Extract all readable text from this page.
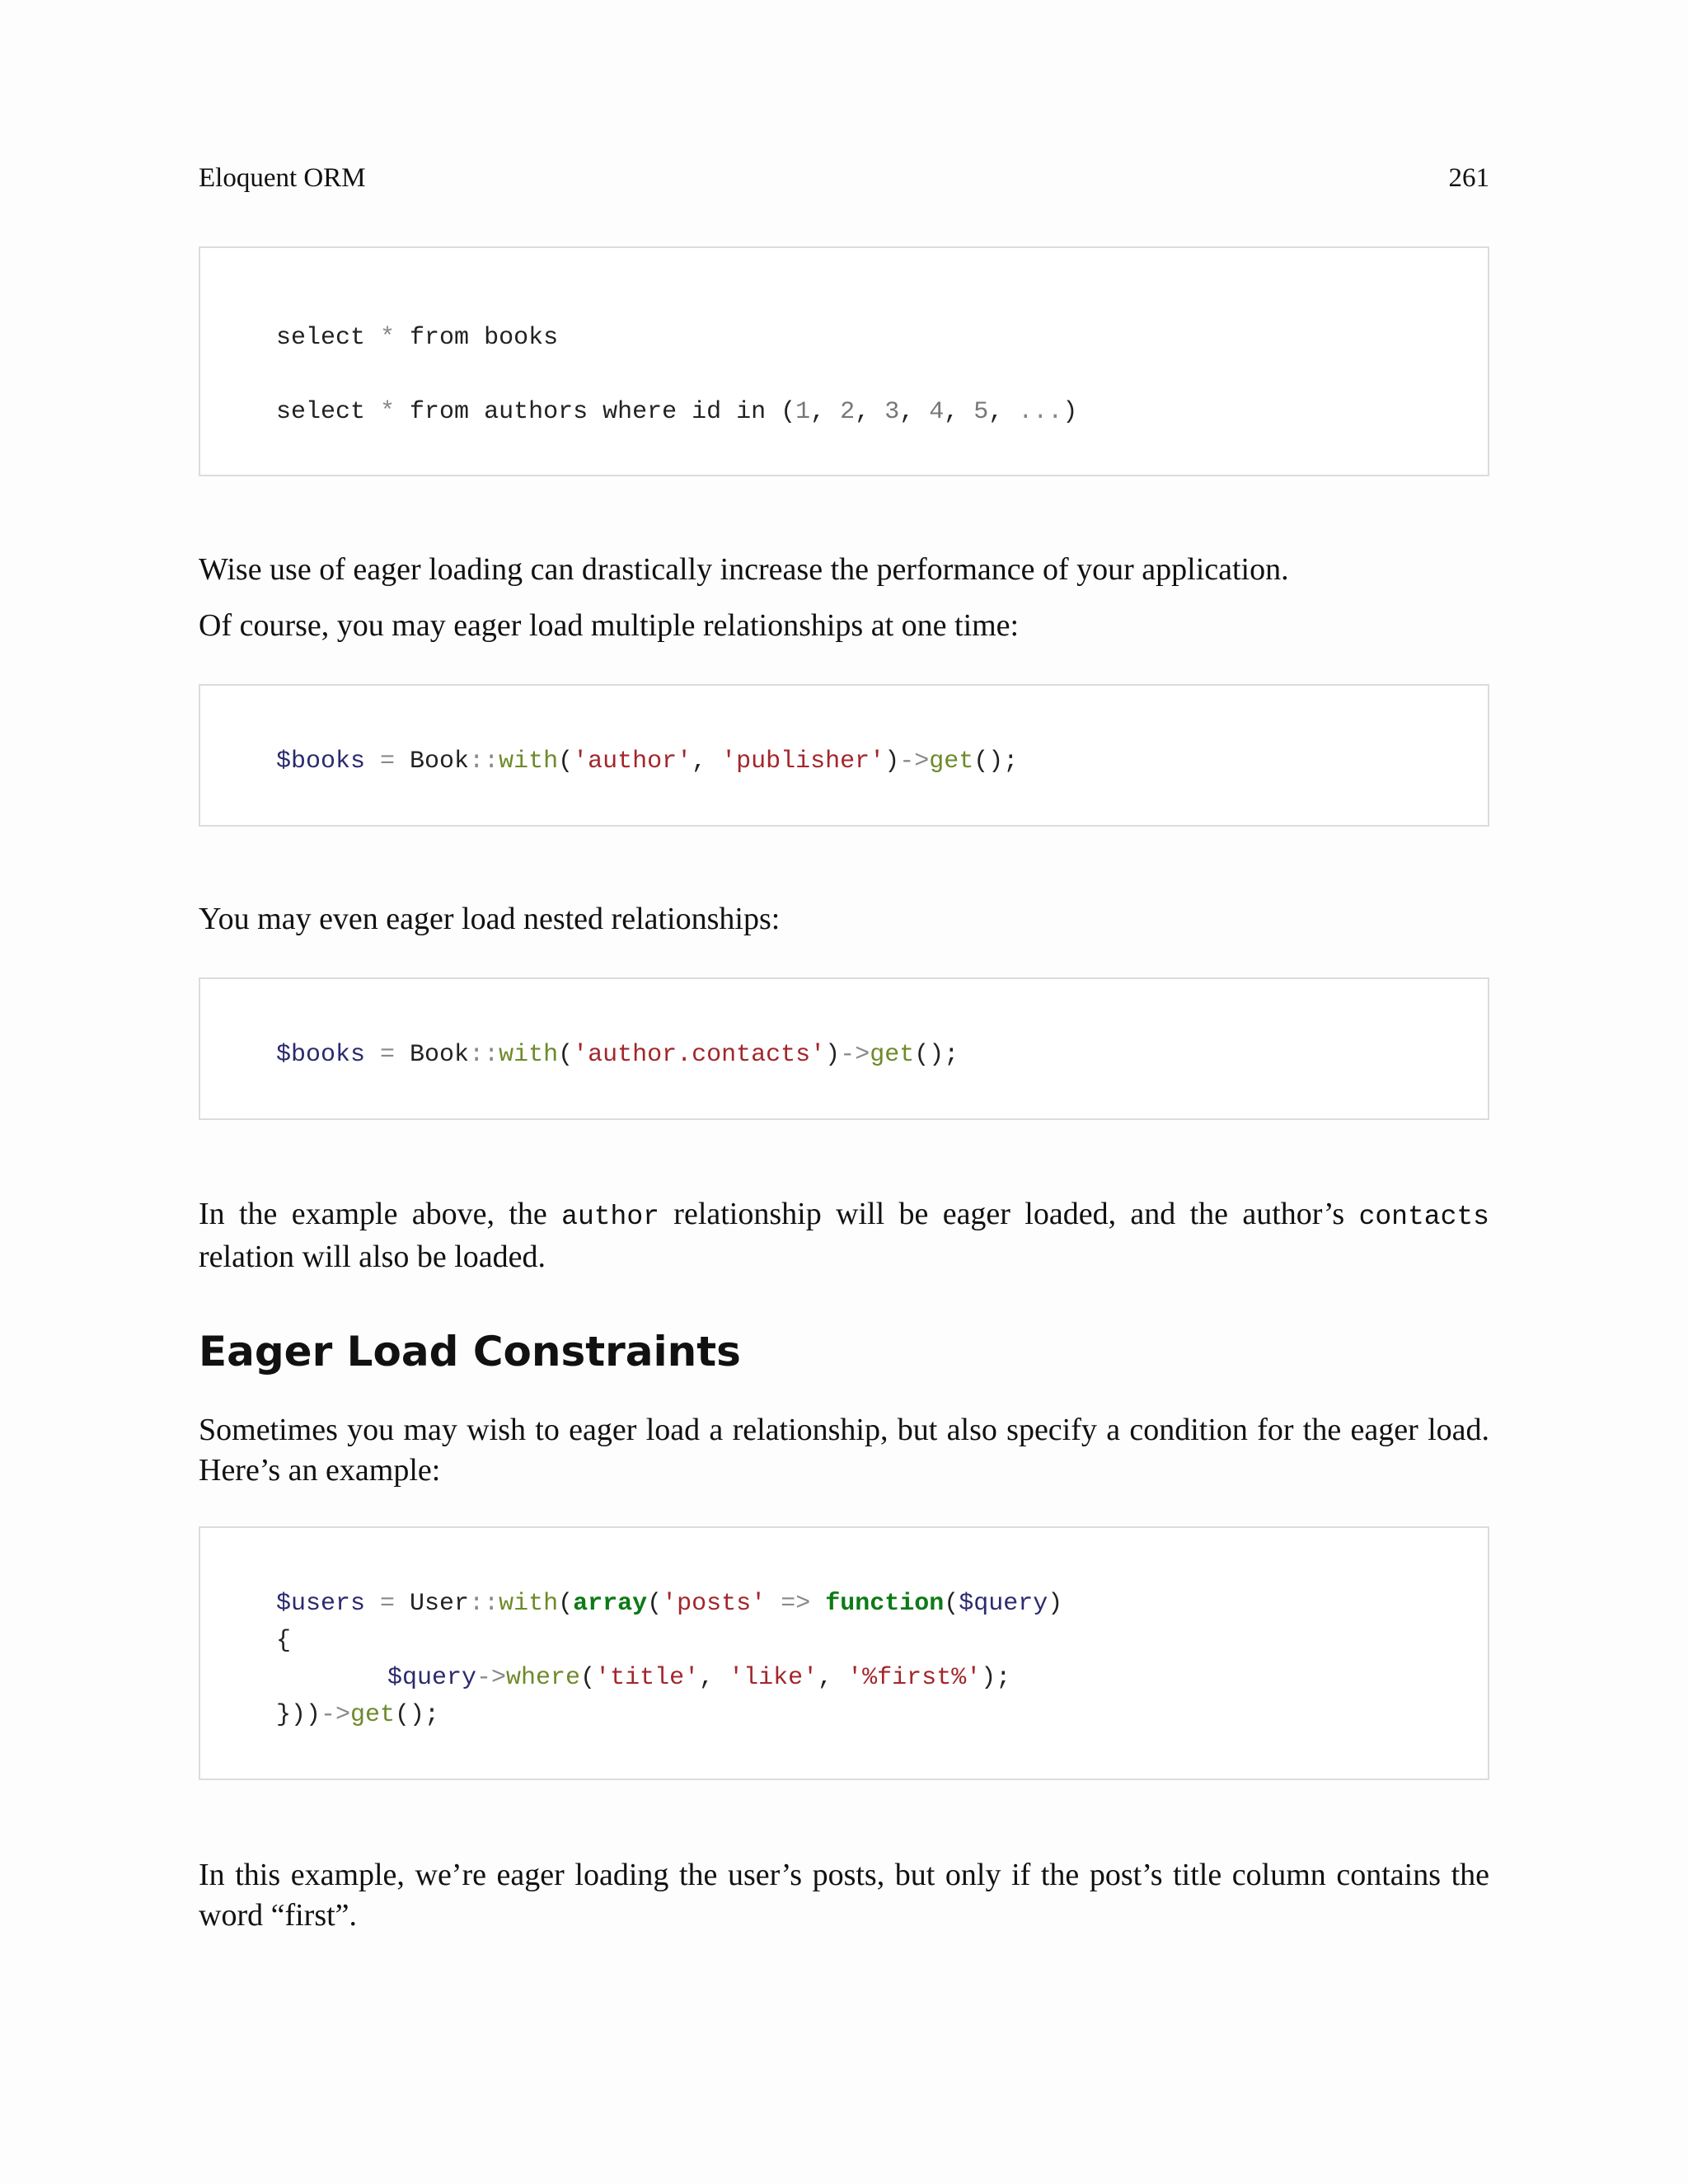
Eloquent ORM	261
select * from books
select * from authors where id in (1, 2, 3, 4, 5, ...)

Wise use of eager loading can drastically increase the performance of your application.

Of course, you may eager load multiple relationships at one time:

$books = Book::with('author', 'publisher')->get();

You may even eager load nested relationships:

$books = Book::with('author.contacts')->get();

In the example above, the author relationship will be eager loaded, and the author’s contacts relation will also be loaded.

Eager Load Constraints

Sometimes you may wish to eager load a relationship, but also specify a condition for the eager load. Here’s an example:

$users = User::with(array('posts' => function($query)
{
$query->where('title', 'like', '%first%');
}))->get();

In this example, we’re eager loading the user’s posts, but only if the post’s title column contains the word “first”.
